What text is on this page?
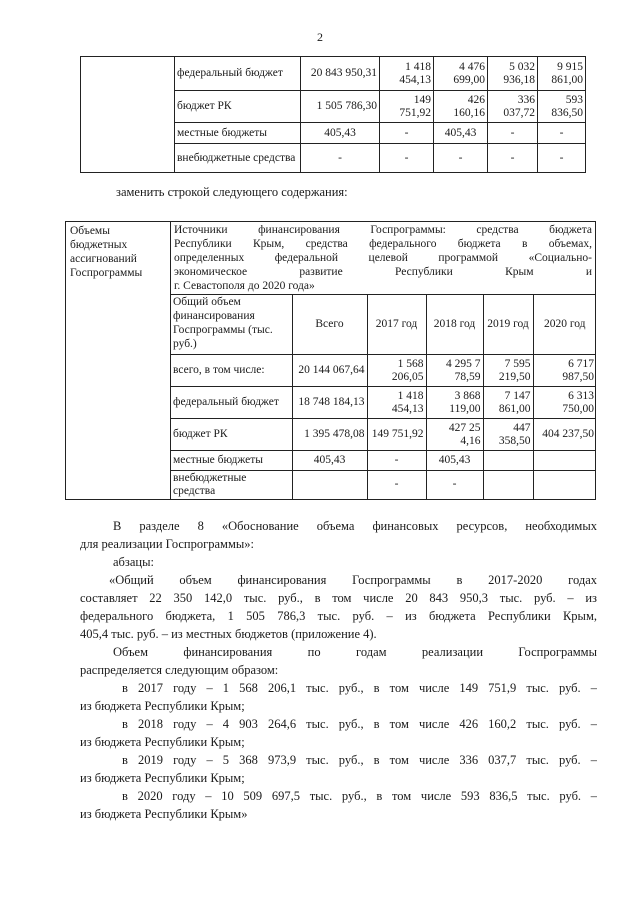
2
	федеральный бюджет	20 843 950,31	1 418 454,13	4 476 699,00	5 032 936,18	9 915 861,00
	бюджет РК	1 505 786,30	149 751,92	426 160,16	336 037,72	593 836,50
	местные бюджеты	405,43	-	405,43	-	-
	внебюджетные средства	-	-	-	-	-
заменить строкой следующего содержания:
Объемы бюджетных ассигнований Госпрограммы	
Источники финансирования Госпрограммы: средства бюджета
Республики Крым, средства федерального бюджета в объемах,
определенных федеральной целевой программой «Социально-
экономическое развитие Республики Крым и
г. Севастополя до 2020 года»
Общий объем финансирования Госпрограммы (тыс. руб.)	Всего	2017 год	2018 год	2019 год	2020 год
всего, в том числе:	20 144 067,64	1 568 206,05	4 295 7 78,59	7 595 219,50	6 717 987,50
федеральный бюджет	18 748 184,13	1 418 454,13	3 868 119,00	7 147 861,00	6 313 750,00
бюджет РК	1 395 478,08	149 751,92	427 25 4,16	447 358,50	404 237,50
местные бюджеты	405,43	-	405,43		
внебюджетные средства		-	-		
В разделе 8 «Обоснование объема финансовых ресурсов, необходимых
для реализации Госпрограммы»:
абзацы:
«Общий объем финансирования Госпрограммы в 2017-2020 годах
составляет 22 350 142,0 тыс. руб., в том числе 20 843 950,3 тыс. руб. – из
федерального бюджета, 1 505 786,3 тыс. руб. – из бюджета Республики Крым,
405,4 тыс. руб. – из местных бюджетов (приложение 4).
Объем финансирования по годам реализации Госпрограммы
распределяется следующим образом:
в 2017 году – 1 568 206,1 тыс. руб., в том числе 149 751,9 тыс. руб. –
из бюджета Республики Крым;
в 2018 году – 4 903 264,6 тыс. руб., в том числе 426 160,2 тыс. руб. –
из бюджета Республики Крым;
в 2019 году – 5 368 973,9 тыс. руб., в том числе 336 037,7 тыс. руб. –
из бюджета Республики Крым;
в 2020 году – 10 509 697,5 тыс. руб., в том числе 593 836,5 тыс. руб. –
из бюджета Республики Крым»
